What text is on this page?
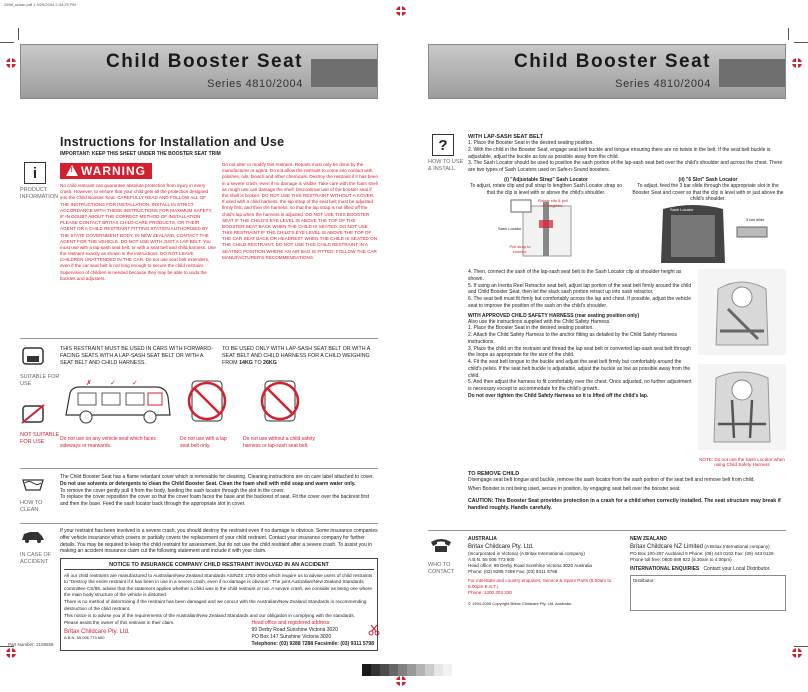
2558_urban.pdf 1 9/29/2004 2:44:25 PM
Child Booster Seat
Series 4810/2004
Instructions for Installation and Use
IMPORTANT: KEEP THIS SHEET UNDER THE BOOSTER SEAT TRIM
i
PRODUCT INFORMATION
!WARNING
No child restraint can guarantee absolute protection from injury in every crash. However, to ensure that your child gets all the protection designed into the Child Booster Seat. CAREFULLY READ AND FOLLOW ALL OF THE INSTRUCTIONS FOR INSTALLATION. INSTALL IN STRICT ACCORDANCE WITH THESE INSTRUCTIONS FOR MAXIMUM SAFETY. IF IN DOUBT ABOUT THE CORRECT METHOD OF INSTALLATION PLEASE CONTACT BRITAX CHILD-CARE PRODUCTS, OR THEIR AGENT OR A CHILD RESTRAINT FITTING STATION AUTHORISED BY THE STATE GOVERNMENT BODY. IN NEW ZEALAND, CONTACT THE AGENT FOR THE VEHICLE. DO NOT USE WITH JUST A LAP BELT. You must use with a lap-sash seat belt, or with a seat belt and child harness. Use the restraint exactly as shown in the instructions. DO NOT LEAVE CHILDREN UNATTENDED IN THE CAR. Do not use seat belt extenders, even if the car seat belt is not long enough to secure the child restraint. Supervision of children is needed because they may be able to undo the buckles and adjusters.
Do not alter or modify this restraint. Repairs must only be done by the manufacturer or agent. Do not allow the restraint to come into contact with polishes, oils, bleach and other chemicals. Destroy the restraint if it has been in a severe crash, even if no damage is visible. Take care with the foam shell as rough use can damage the shell. Discontinue use of the booster seat if the shell is broken. DO NOT USE THIS RESTRAINT WITHOUT A COVER. If used with a child harness, the lap strap of the seat belt must be adjusted firmly first, and then the harness, so that the lap strap is not lifted off the child's lap when the harness is adjusted. DO NOT USE THIS BOOSTER SEAT IF THE CHILD'S EYE LEVEL IS ABOVE THE TOP OF THE BOOSTER SEAT BACK WHEN THE CHILD IS SEATED. DO NOT USE THIS RESTRAINT IF THE CHILD'S EYE LEVEL IS ABOVE THE TOP OF THE CAR SEAT BACK OR HEADREST WHEN THE CHILD IS SEATED ON THE CHILD RESTRAINT. DO NOT USE THIS CHILD RESTRAINT IN A SEATING POSITION WHERE AN AIR BAG IS FITTED. FOLLOW THE CAR MANUFACTURER'S RECOMMENDATIONS.
SUITABLE FOR USE
NOT SUITABLE FOR USE
THIS RESTRAINT MUST BE USED IN CARS WITH FORWARD-FACING SEATS WITH A LAP-SASH SEAT BELT OR WITH A SEAT BELT AND CHILD HARNESS.
TO BE USED ONLY WITH LAP-SASH SEAT BELT OR WITH A SEAT BELT AND CHILD HARNESS FOR A CHILD WEIGHING FROM 14KG TO 26KG
✗	✓ ✓
Do not use on any vehicle seat which faces sideways or rearwards.
Do not use with a lap seat belt only.
Do not use without a child safety harness or lap-sash seat belt.
HOW TO CLEAN
The Child Booster Seat has a flame retardant cover which is removable for cleaning. Cleaning instructions are on care label attached to cover.
Do not use solvents or detergents to clean the Child Booster Seat. Clean the foam shell with mild soap and warm water only.
To remove the cover gently pull it from the body, feeding the sash locator through the slot in the cover.
To replace the cover reposition the cover so that the cover foam faces the base and the backrest of seat. Fit the cover over the backrest first and then the base. Feed the sash locator back through the appropriate slot in cover.
IN CASE OF ACCIDENT
If your restraint has been involved in a severe crash, you should destroy the restraint even if no damage is obvious. Some insurance companies offer vehicle insurance which covers or partially covers the replacement of your child restraint. Contact your insurance company for further details. You may be required to keep the child restraint for assessment, but do not use the child restraint after a severe crash. To assist you in making an accident insurance claim cut the following statement and include it with your claim.
NOTICE TO INSURANCE COMPANY CHILD RESTRAINT INVOLVED IN AN ACCIDENT
All our child restraints are manufactured to Australian/New Zealand Standards AS/NZS 1754-2004 which require us to advise users of child restraints to "Destroy the entire restraint if it has been in use in a severe crash, even if no damage is obvious". The joint Australian/New Zealand Standards committee CS/85, advise that the statement applies whether a child was in the child restraint or not. A severe crash, we consider as being one where the main body structure of the vehicle is distorted.
There is no method of determining if the restraint has been damaged and we concur with the Australian/New Zealand Standards in recommending destruction of the child restraint.
This notice is to advise you of the requirements of the Australian/New Zealand Standards and our obligation in complying with the standards.
Please assist the owner of this restraint in their claim.
Britax Childcare Pty. Ltd.
A.B.N. 55 006 773 600
Head office and registered address:
99 Derby Road Sunshine Victoria 3020
PO Box 147 Sunshine Victoria 3020
Telephone: (03) 9288 7288 Facsimile: (03) 9311 5798
Part Number: 2108558
Child Booster Seat
Series 4810/2004
?
HOW TO USE & INSTALL
WITH LAP-SASH SEAT BELT
1. Place the Booster Seat in the desired seating position.
2. With the child in the Booster Seat, engage seat belt buckle and tongue ensuring there are no twists in the belt. If the seat belt buckle is adjustable, adjust the buckle as low as possible away from the child.
3. The Sash Locator should be used to position the sash portion of the lap-sash seat belt over the child's shoulder and across the chest. There are two types of Sash Locators used on Safe-n-Sound boosters.
(i) "Adjustable Strap" Sash Locator
To adjust, rotate clip and pull strap to lengthen Sash Locator strap so that the clip is level with or above the child's shoulder.
Rotate clip & pull to lengthen.
Sash Locator
Pull strap to shorten.
(ii) "6 Slot" Sash Locator
To adjust, feed the 3 bar slide through the appropriate slot in the Booster Seat and cover so that the clip is level with or just above the child's shoulder.
Sash Locator
3 bar slide
4. Then, connect the sash of the lap-sash seat belt to the Sash Locator clip at shoulder height as shown.
5. If using an Inertia Reel Retractor seat belt, adjust lap portion of the seat belt firmly around the child and Child Booster Seat, then let the slack sash portion retract up into sash retractor.
6. The seat belt must fit firmly but comfortably across the lap and chest. If possible, adjust the vehicle seat to improve the position of the sash on the child's shoulder.
WITH APPROVED CHILD SAFETY HARNESS (rear seating position only)
Also use the instructions supplied with the Child Safety Harness.
1. Place the Booster Seat in the desired seating position.
2. Attach the Child Safety Harness to the anchor fitting as detailed by the Child Safety Harness instructions.
3. Place the child on the restraint and thread the lap seat belt or converted lap-sash seat belt through the loops as appropriate for the size of the child.
4. Fit the seat belt tongue to the buckle and adjust the seat belt firmly but comfortably around the child's pelvis. If the seat belt buckle is adjustable, adjust the buckle as low as possible away from the child.
5. And then adjust the harness to fit comfortably over the chest. Once adjusted, no further adjustment is necessary except to accommodate for the child's growth.
Do not over tighten the Child Safety Harness so it is lifted off the child's lap.

NOTE: Do not use the Sash Locator when using Child Safety Harness
TO REMOVE CHILD
Disengage seat belt tongue and buckle, remove the sash locator from the sash portion of the seat belt and remove belt from child.
When Booster is not being used, secure in position, by engaging seat belt over the booster seat.
CAUTION: This Booster Seat provides protection in a crash for a child when correctly installed. The seat structure may break if handled roughly. Handle carefully.
WHO TO CONTACT
AUSTRALIA
Britax Childcare Pty. Ltd.
(Incorporated in Victoria) (A Britax International company)
A.B.N. 55 006 773 600
Head office: 99 Derby Road Sunshine Victoria 3020 Australia
Phone: (03) 9288 7288 Fax: (03) 9311 5798
For interstate and country enquiries, Service & Spare Parts (8.00am to 5.00pm E.S.T.)
Phone: 1300 303 330
NEW ZEALAND
Britax Childcare NZ Limited (A Britax International company)
PO Box 100-297 Auckland 9 Phone: (09) 443 0102 Fax: (09) 443 0129
Phone toll free: 0800 688 822 (8.30am to 4.00pm)
INTERNATIONAL ENQUIRIES Contact your Local Distributor.
Distributor:
© 1994-2005 Copyright Britax Childcare Pty. Ltd. Australia.
